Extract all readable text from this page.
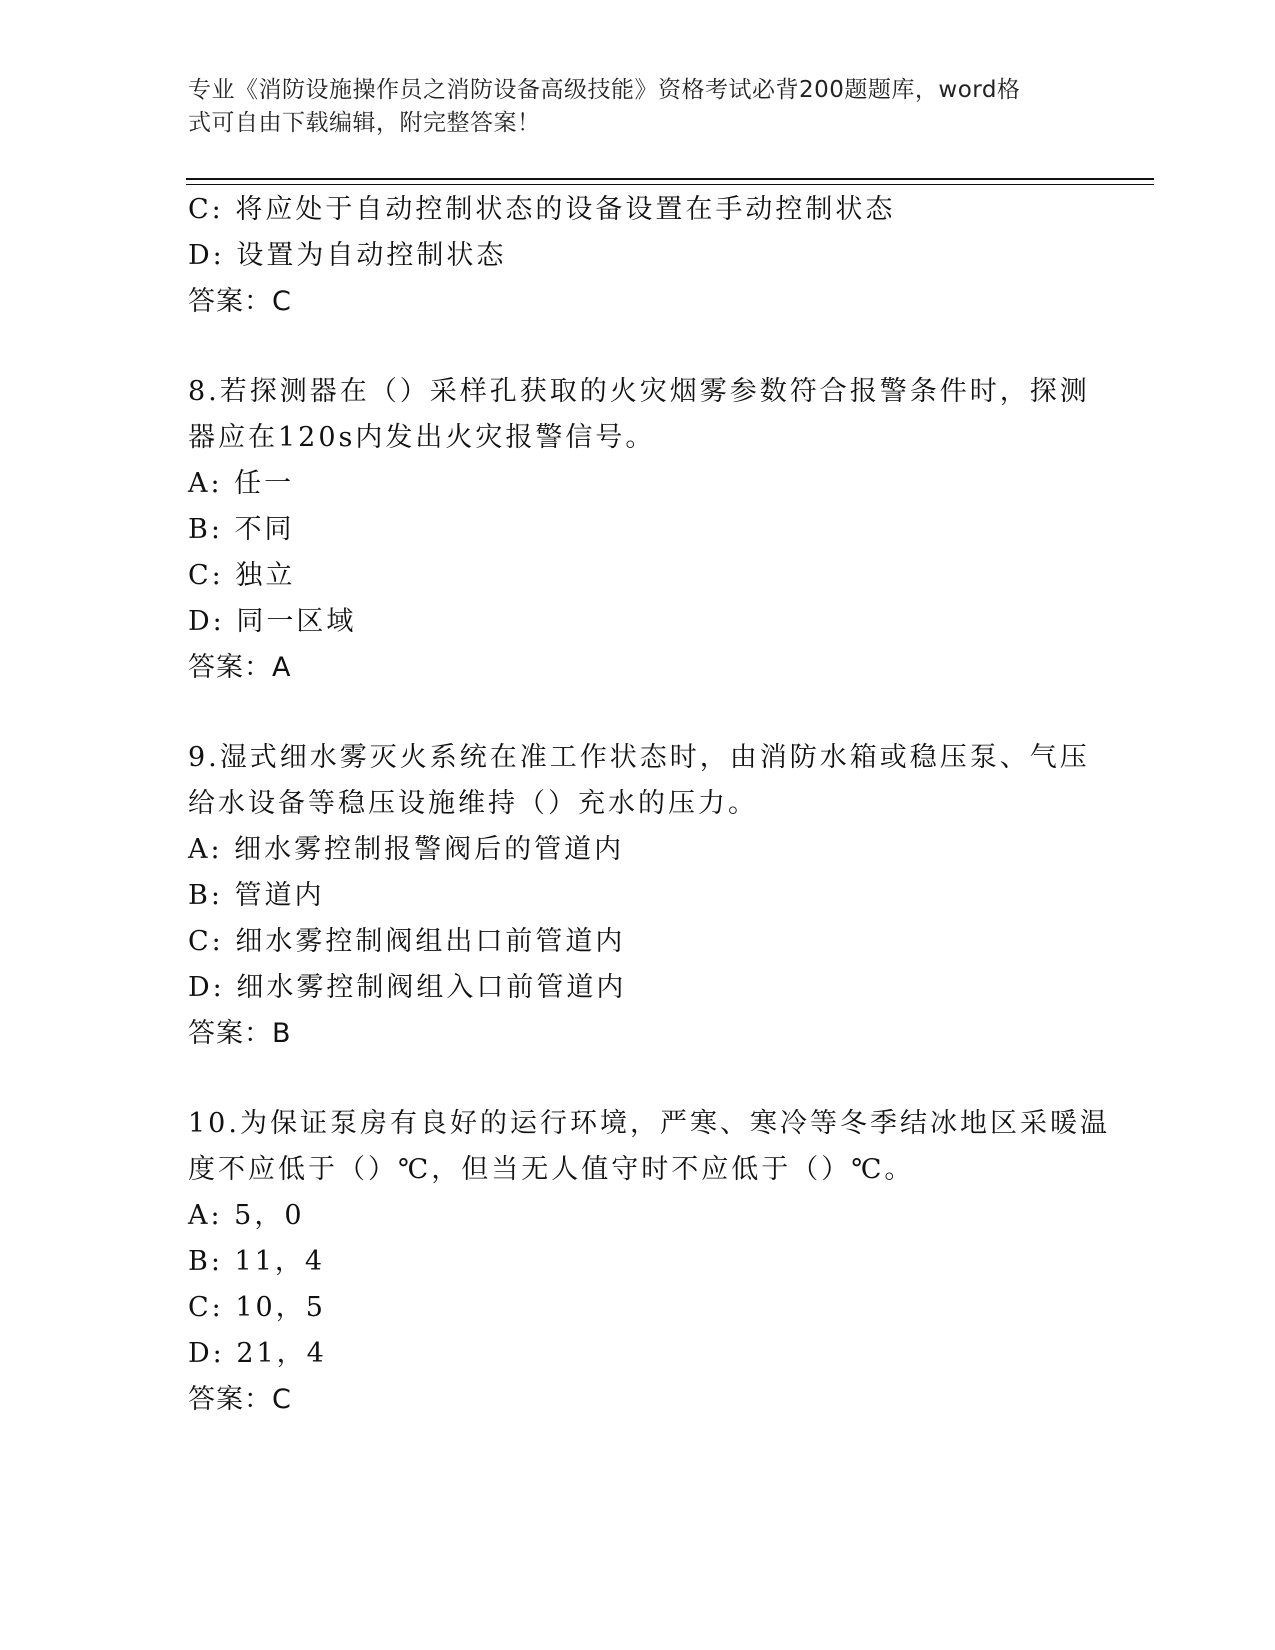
专业《消防设施操作员之消防设备高级技能》资格考试必背200题题库，word格
式可自由下载编辑，附完整答案！
C: 将应处于自动控制状态的设备设置在手动控制状态
D: 设置为自动控制状态
答案：C
8.若探测器在（）采样孔获取的火灾烟雾参数符合报警条件时，探测
器应在120s内发出火灾报警信号。
A: 任一
B: 不同
C: 独立
D: 同一区域
答案：A
9.湿式细水雾灭火系统在准工作状态时，由消防水箱或稳压泵、气压
给水设备等稳压设施维持（）充水的压力。
A: 细水雾控制报警阀后的管道内
B: 管道内
C: 细水雾控制阀组出口前管道内
D: 细水雾控制阀组入口前管道内
答案：B
10.为保证泵房有良好的运行环境，严寒、寒冷等冬季结冰地区采暖温
度不应低于（）℃，但当无人值守时不应低于（）℃。
A: 5，0
B: 11，4
C: 10，5
D: 21，4
答案：C
